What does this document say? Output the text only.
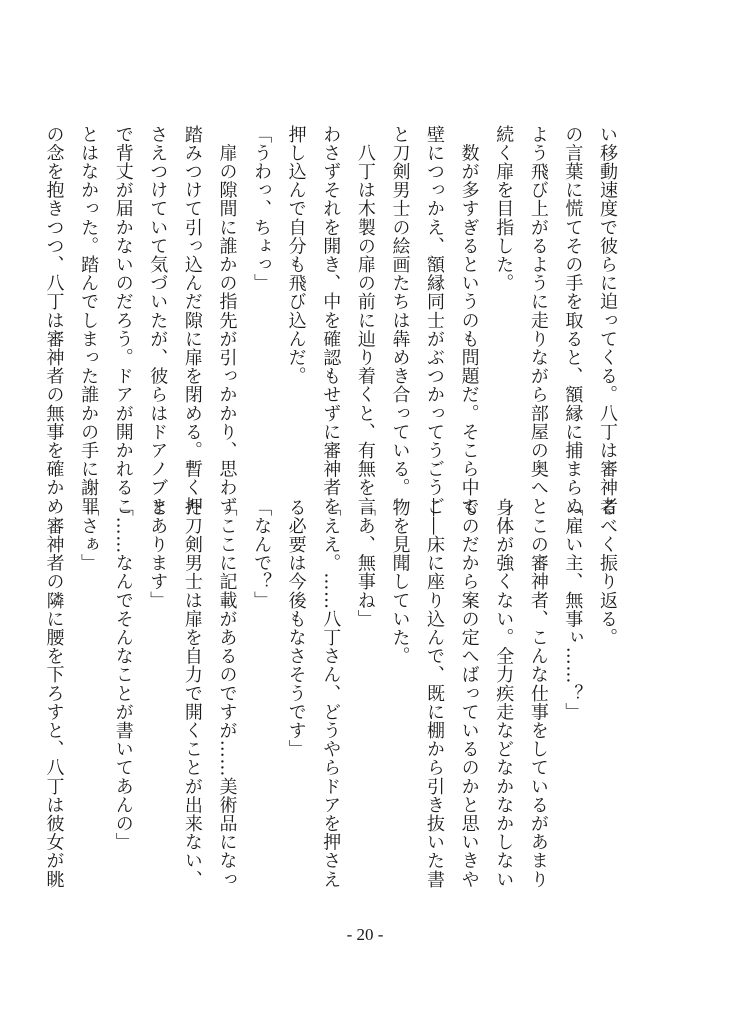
い移動速度で彼らに迫ってくる。八丁は審神者
の言葉に慌てその手を取ると、額縁に捕まらぬ
よう飛び上がるように走りながら部屋の奥へと
続く扉を目指した。
　数が多すぎるというのも問題だ。そこら中で
壁につっかえ、額縁同士がぶつかってうごうご
と刀剣男士の絵画たちは犇めき合っている。
　八丁は木製の扉の前に辿り着くと、有無を言
わさずそれを開き、中を確認もせずに審神者を
押し込んで自分も飛び込んだ。
「うわっ、ちょっ」
　扉の隙間に誰かの指先が引っかかり、思わず
踏みつけて引っ込んだ隙に扉を閉める。暫く押
さえつけていて気づいたが、彼らはドアノブま
で背丈が届かないのだろう。ドアが開かれるこ
とはなかった。踏んでしまった誰かの手に謝罪
の念を抱きつつ、八丁は審神者の無事を確かめ
るべく振り返る。
「雇い主、無事ぃ……？」
　この審神者、こんな仕事をしているがあまり
身体が強くない。全力疾走などなかなかしない
ものだから案の定へばっているのかと思いきや
――床に座り込んで、既に棚から引き抜いた書
物を見聞していた。
「あ、無事ね」
「ええ。……八丁さん、どうやらドアを押さえ
る必要は今後もなさそうです」
「なんで？」
「ここに記載があるのですが……美術品になっ
た刀剣男士は扉を自力で開くことが出来ない、
とあります」
「……なんでそんなことが書いてあんの」
「さぁ」
　審神者の隣に腰を下ろすと、八丁は彼女が眺
- 20 -
